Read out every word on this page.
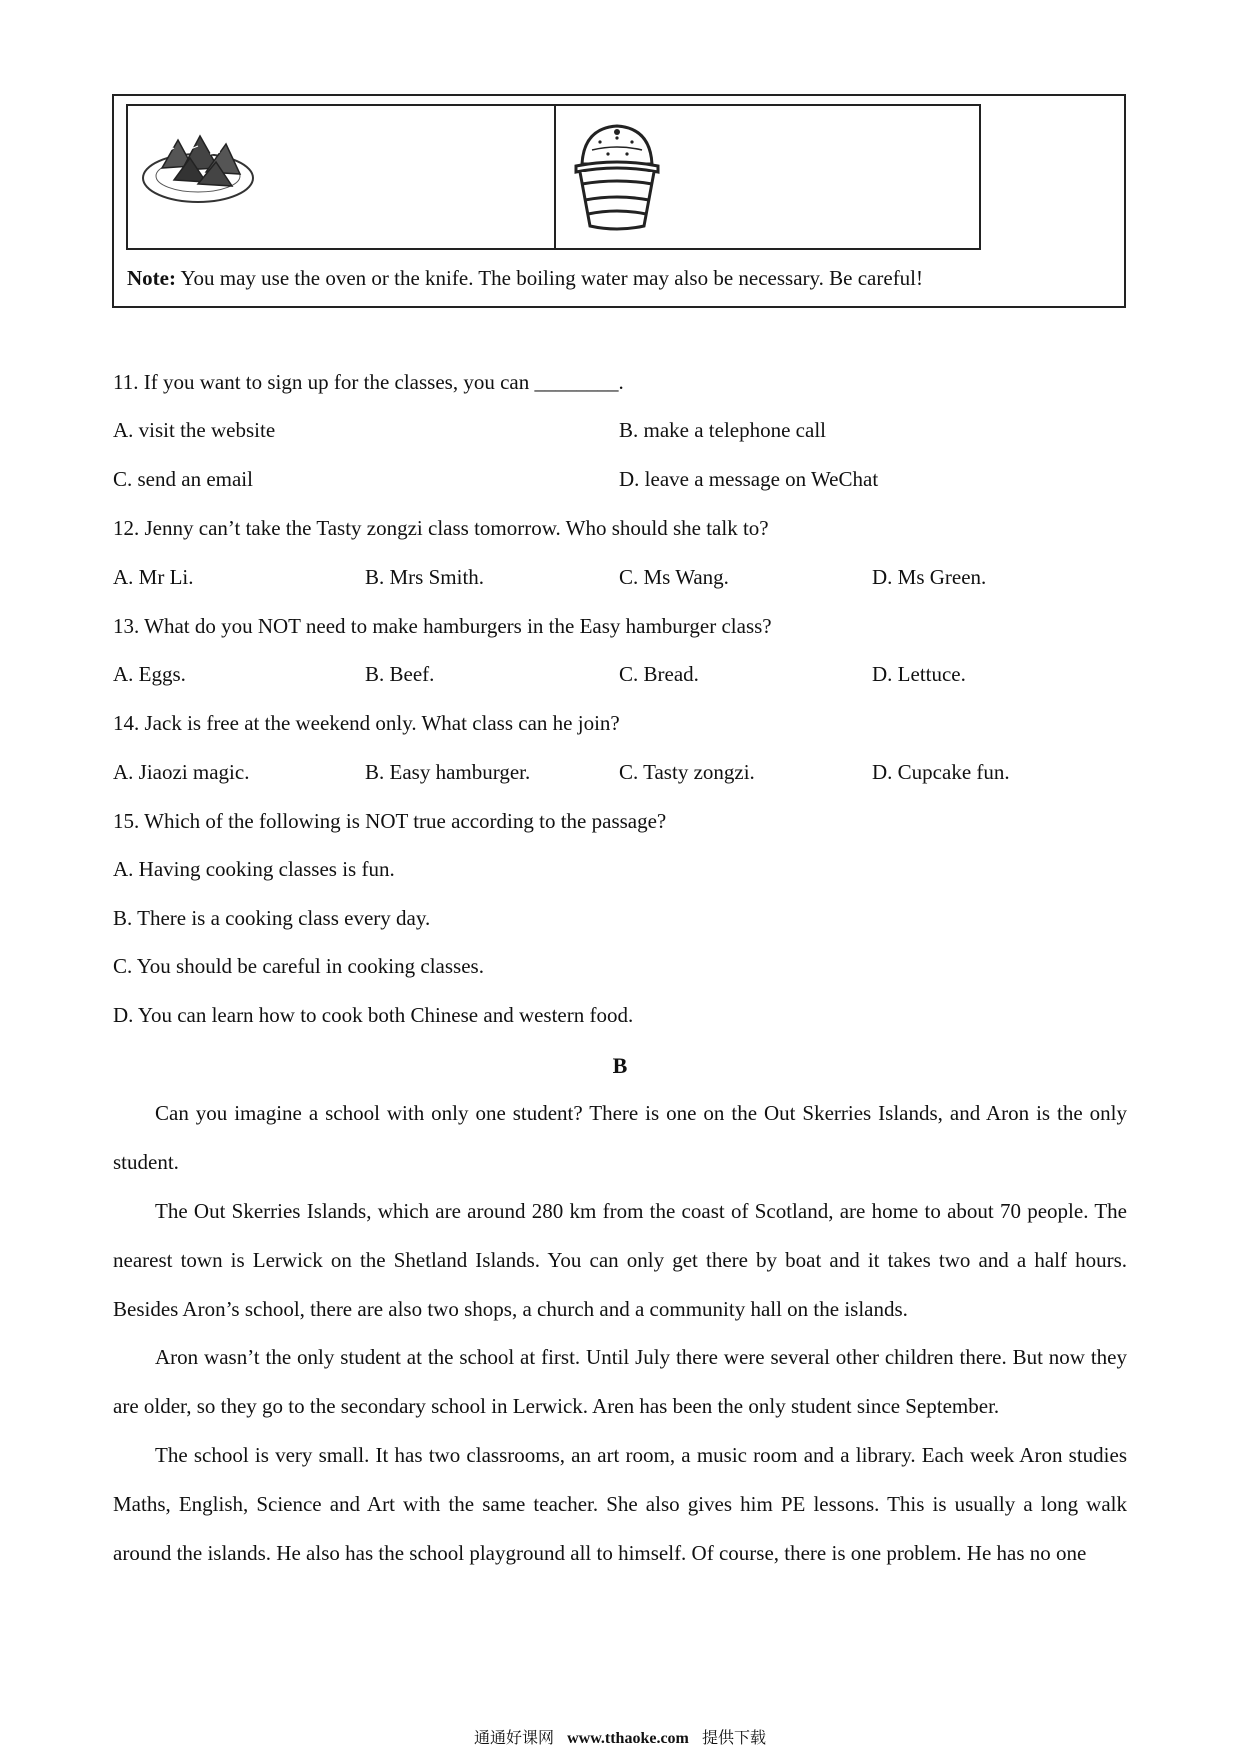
Note: You may use the oven or the knife. The boiling water may also be necessary. Be careful!
11. If you want to sign up for the classes, you can ________.
A. visit the website	B. make a telephone call
C. send an email	D. leave a message on WeChat
12. Jenny can’t take the Tasty zongzi class tomorrow. Who should she talk to?
A. Mr Li.	B. Mrs Smith.	C. Ms Wang.	D. Ms Green.
13. What do you NOT need to make hamburgers in the Easy hamburger class?
A. Eggs.	B. Beef.	C. Bread.	D. Lettuce.
14. Jack is free at the weekend only. What class can he join?
A. Jiaozi magic.	B. Easy hamburger.	C. Tasty zongzi.	D. Cupcake fun.
15. Which of the following is NOT true according to the passage?
A. Having cooking classes is fun.
B. There is a cooking class every day.
C. You should be careful in cooking classes.
D. You can learn how to cook both Chinese and western food.
B
Can you imagine a school with only one student? There is one on the Out Skerries Islands, and Aron is the only student.
The Out Skerries Islands, which are around 280 km from the coast of Scotland, are home to about 70 people. The nearest town is Lerwick on the Shetland Islands. You can only get there by boat and it takes two and a half hours. Besides Aron’s school, there are also two shops, a church and a community hall on the islands.
Aron wasn’t the only student at the school at first. Until July there were several other children there. But now they are older, so they go to the secondary school in Lerwick. Aren has been the only student since September.
The school is very small. It has two classrooms, an art room, a music room and a library. Each week Aron studies Maths, English, Science and Art with the same teacher. She also gives him PE lessons. This is usually a long walk around the islands. He also has the school playground all to himself. Of course, there is one problem. He has no one
通通好课网 www.tthaoke.com 提供下载
